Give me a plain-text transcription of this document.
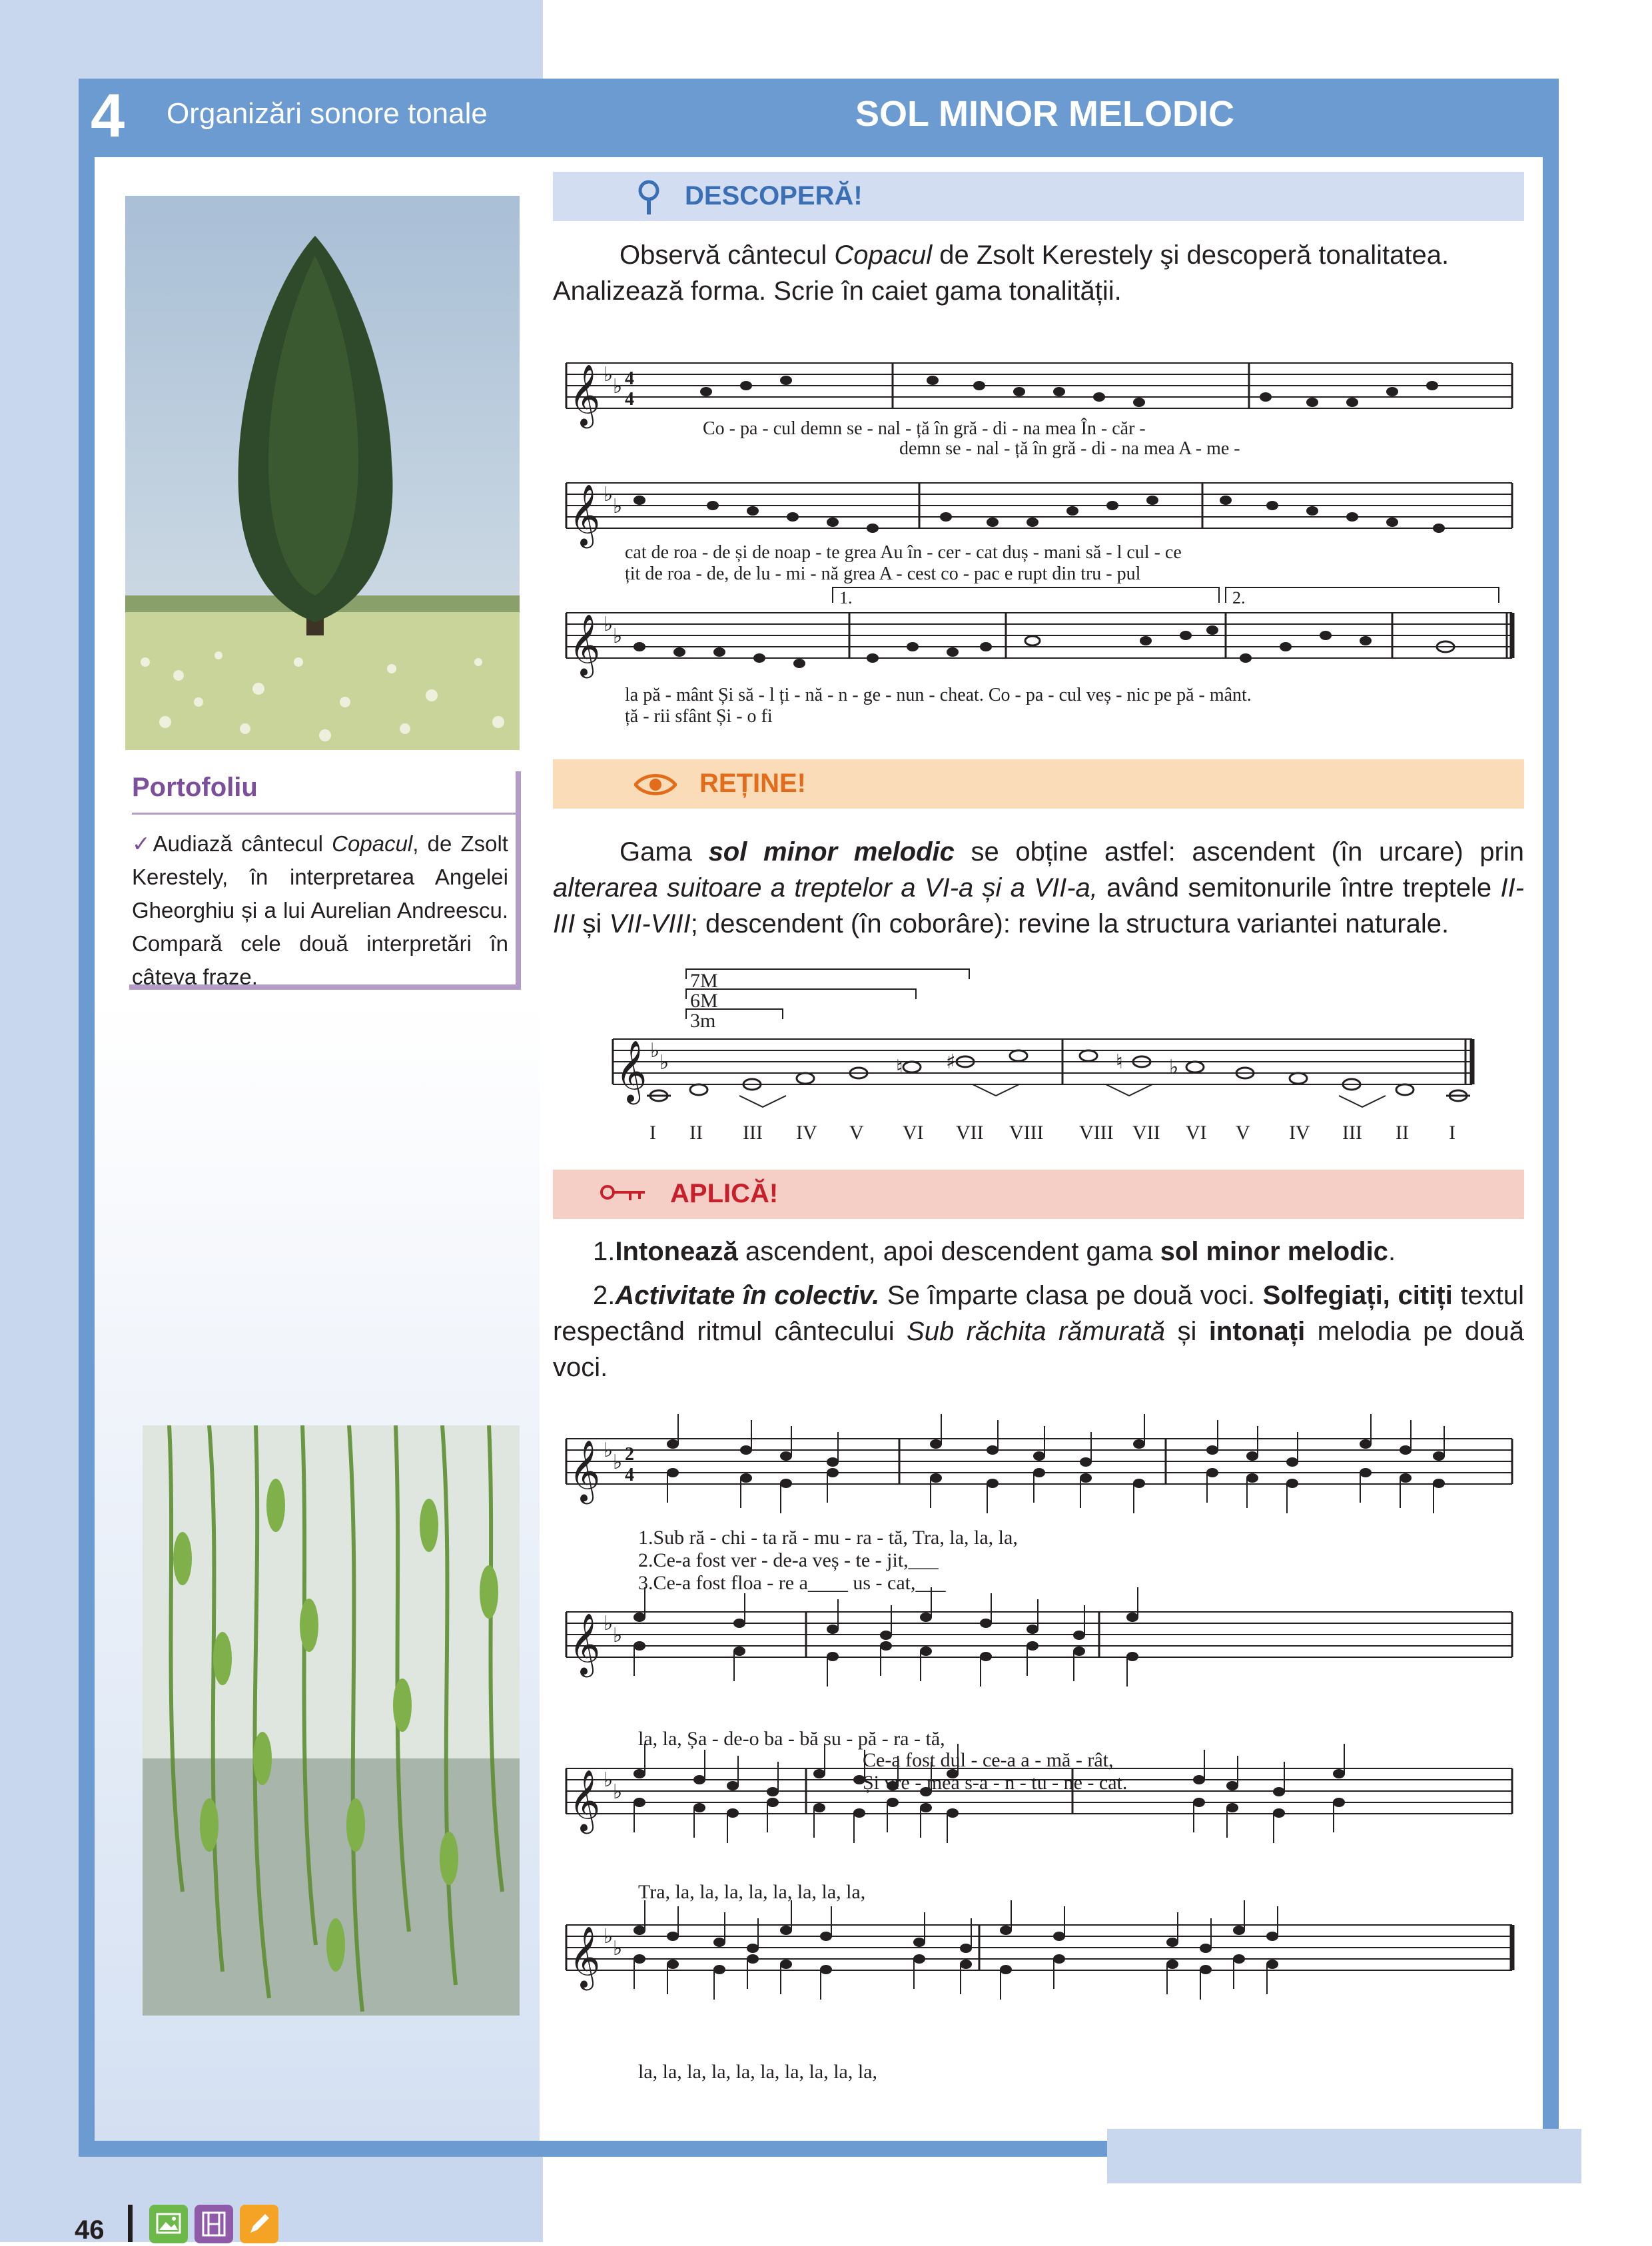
4 Organizări sonore tonale	SOL MINOR MELODIC
Portofoliu

✓Audiază cântecul Copacul, de Zsolt Kerestely, în interpretarea Angelei Gheorghiu și a lui Aurelian Andreescu. Compară cele două interpretări în câteva fraze.

DESCOPERĂ!

Observă cântecul Copacul de Zsolt Kerestely şi descoperă tonalitatea. Analizează forma. Scrie în caiet gama tonalității.

𝄞
𝄞
𝄞
♭
♭
♭
♭
♭
♭
4
4
1.	2.
Co - pa - cul demn se - nal - ță în gră - di - na mea În - căr -
demn se - nal - ță în gră - di - na mea A - me -
cat de roa - de și de noap - te grea Au în - cer - cat duș - mani să - l cul - ce
țit de roa - de, de lu - mi - nă grea A - cest co - pac e rupt din tru - pul
la pă - mânt Și să - l ți - nă - n - ge - nun - cheat. Co - pa - cul veș - nic pe pă - mânt.
ță - rii sfânt Și - o fi
REȚINE!

Gama sol minor melodic se obține astfel: ascendent (în urcare) prin alterarea suitoare a treptelor a VI-a și a VII-a, având semitonurile între treptele II-III și VII-VIII; descendent (în coborâre): revine la structura variantei naturale.

7M
6M
3m
𝄞 ♭
♭	♮ ♯	♮ ♭
I II III IV V VI VII VIII VIII VII VI V IV III II I
APLICĂ!

1.Intonează ascendent, apoi descendent gama sol minor melodic.

2.Activitate în colectiv. Se împarte clasa pe două voci. Solfegiați, citiți textul respectând ritmul cântecului Sub răchita rămurată și intonați melodia pe două voci.

𝄞
𝄞
𝄞
𝄞
♭
♭
♭
♭
♭
♭
♭
♭
2
4
1.Sub ră - chi - ta ră - mu - ra - tă, Tra, la, la, la,
2.Ce-a fost ver - de-a veș - te - jit,___
3.Ce-a fost floa - re a____ us - cat,___
la, la, Șa - de-o ba - bă su - pă - ra - tă,
Ce-a fost dul - ce-a a - mă - rât,___
Și vre - mea s-a - n - tu - ne - cat.___
Tra, la, la, la, la, la, la, la, la,
la, la, la, la, la, la, la, la, la, la,
46
